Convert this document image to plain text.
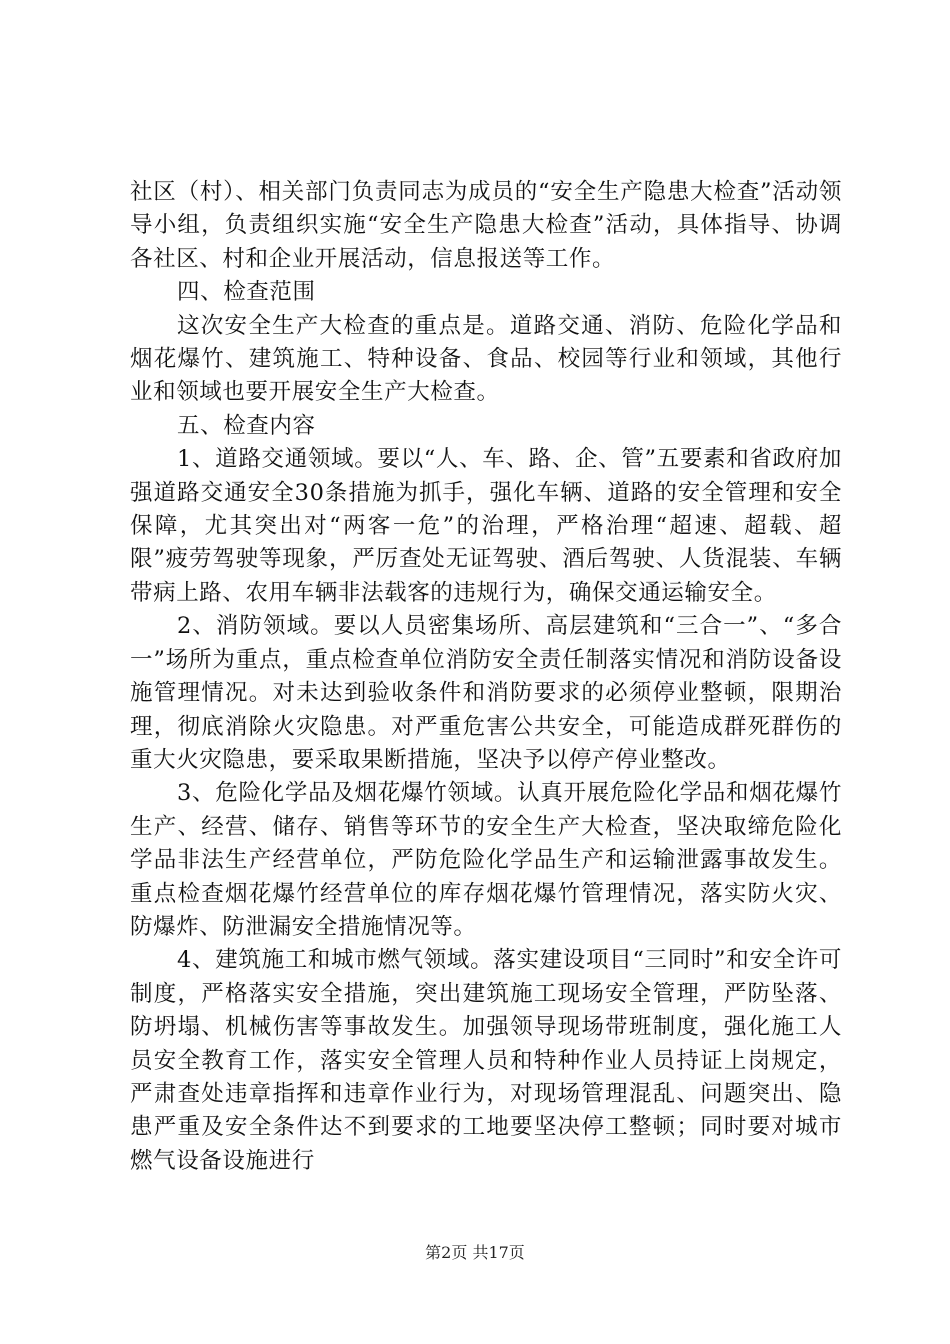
社区（村）、相关部门负责同志为成员的“安全生产隐患大检查”活动领导小组，负责组织实施“安全生产隐患大检查”活动，具体指导、协调各社区、村和企业开展活动，信息报送等工作。

四、检查范围

这次安全生产大检查的重点是。道路交通、消防、危险化学品和烟花爆竹、建筑施工、特种设备、食品、校园等行业和领域，其他行业和领域也要开展安全生产大检查。

五、检查内容

1、道路交通领域。要以“人、车、路、企、管”五要素和省政府加强道路交通安全30条措施为抓手，强化车辆、道路的安全管理和安全保障，尤其突出对“两客一危”的治理，严格治理“超速、超载、超限”疲劳驾驶等现象，严厉查处无证驾驶、酒后驾驶、人货混装、车辆带病上路、农用车辆非法载客的违规行为，确保交通运输安全。

2、消防领域。要以人员密集场所、高层建筑和“三合一”、“多合一”场所为重点，重点检查单位消防安全责任制落实情况和消防设备设施管理情况。对未达到验收条件和消防要求的必须停业整顿，限期治理，彻底消除火灾隐患。对严重危害公共安全，可能造成群死群伤的重大火灾隐患，要采取果断措施，坚决予以停产停业整改。

3、危险化学品及烟花爆竹领域。认真开展危险化学品和烟花爆竹生产、经营、储存、销售等环节的安全生产大检查，坚决取缔危险化学品非法生产经营单位，严防危险化学品生产和运输泄露事故发生。重点检查烟花爆竹经营单位的库存烟花爆竹管理情况，落实防火灾、防爆炸、防泄漏安全措施情况等。

4、建筑施工和城市燃气领域。落实建设项目“三同时”和安全许可制度，严格落实安全措施，突出建筑施工现场安全管理，严防坠落、防坍塌、机械伤害等事故发生。加强领导现场带班制度，强化施工人员安全教育工作，落实安全管理人员和特种作业人员持证上岗规定，严肃查处违章指挥和违章作业行为，对现场管理混乱、问题突出、隐患严重及安全条件达不到要求的工地要坚决停工整顿；同时要对城市燃气设备设施进行

第2页 共17页
